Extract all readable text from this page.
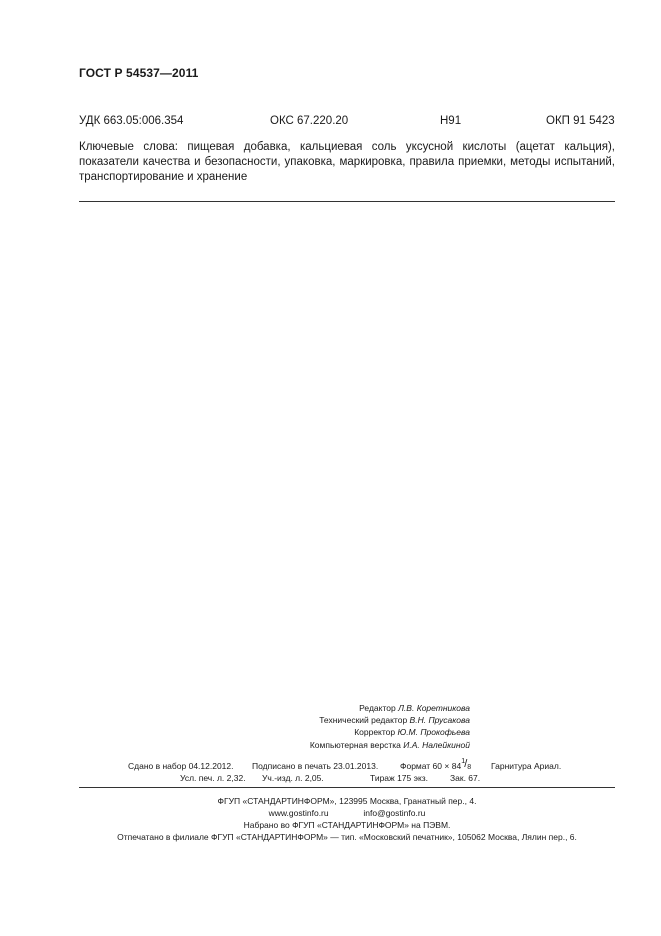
ГОСТ Р 54537—2011
УДК 663.05:006.354	ОКС 67.220.20	Н91	ОКП 91 5423
Ключевые слова: пищевая добавка, кальциевая соль уксусной кислоты (ацетат кальция), показатели качества и безопасности, упаковка, маркировка, правила приемки, методы испытаний, транспортирование и хранение
Редактор Л.В. Коретникова
Технический редактор В.Н. Прусакова
Корректор Ю.М. Прокофьева
Компьютерная верстка И.А. Налейкиной
Сдано в набор 04.12.2012. Подписано в печать 23.01.2013.	Формат 60 × 84 1 / 8 Гарнитура Ариал.
Усл. печ. л. 2,32. Уч.-изд. л. 2,05.	Тираж 175 экз.	Зак. 67.
ФГУП «СТАНДАРТИНФОРМ», 123995 Москва, Гранатный пер., 4.
www.gostinfo.ru	info@gostinfo.ru
Набрано во ФГУП «СТАНДАРТИНФОРМ» на ПЭВМ.
Отпечатано в филиале ФГУП «СТАНДАРТИНФОРМ» — тип. «Московский печатник», 105062 Москва, Лялин пер., 6.
